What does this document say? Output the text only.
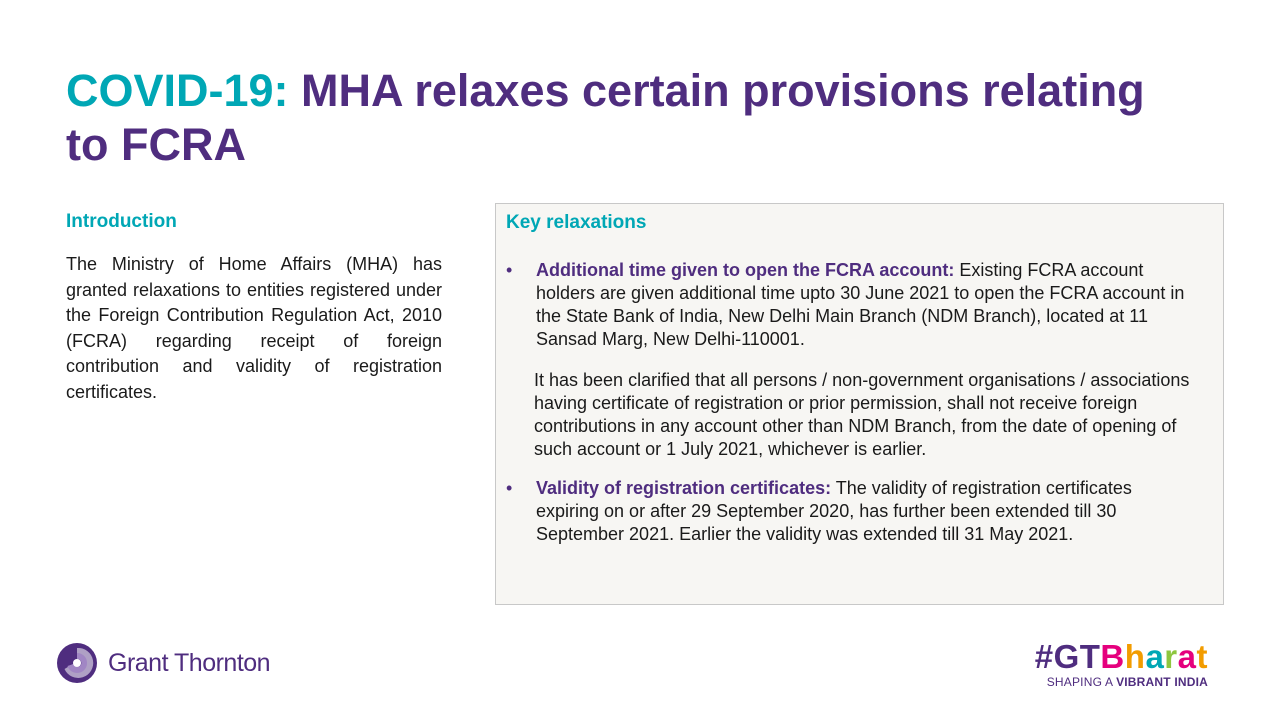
COVID-19: MHA relaxes certain provisions relating to FCRA
Introduction

The Ministry of Home Affairs (MHA) has granted relaxations to entities registered under the Foreign Contribution Regulation Act, 2010 (FCRA) regarding receipt of foreign contribution and validity of registration certificates.

Key relaxations
• Additional time given to open the FCRA account: Existing FCRA account holders are given additional time upto 30 June 2021 to open the FCRA account in the State Bank of India, New Delhi Main Branch (NDM Branch), located at 11 Sansad Marg, New Delhi-110001.
It has been clarified that all persons / non-government organisations / associations having certificate of registration or prior permission, shall not receive foreign contributions in any account other than NDM Branch, from the date of opening of such account or 1 July 2021, whichever is earlier.
• Validity of registration certificates: The validity of registration certificates expiring on or after 29 September 2020, has further been extended till 30 September 2021. Earlier the validity was extended till 31 May 2021.
Grant Thornton	#GTBharat
SHAPING A VIBRANT INDIA
